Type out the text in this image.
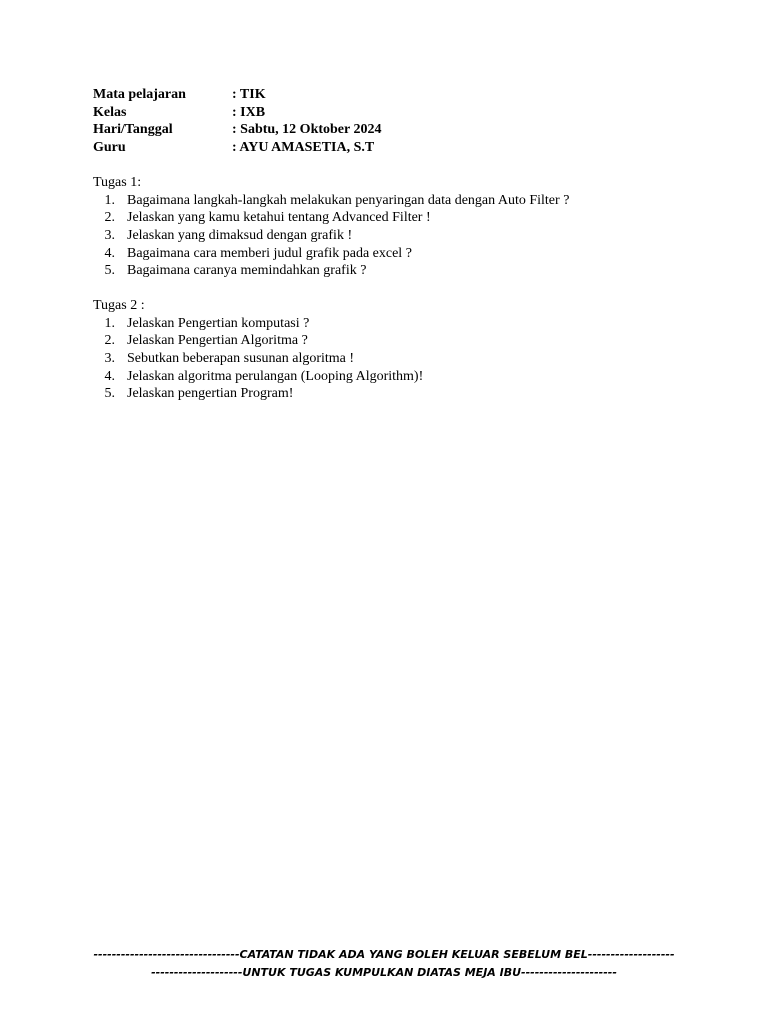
Mata pelajaran	: TIK
Kelas	: IXB
Hari/Tanggal	: Sabtu, 12 Oktober 2024
Guru	: AYU AMASETIA, S.T
Tugas 1:
1. Bagaimana langkah-langkah melakukan penyaringan data dengan Auto Filter ?
2. Jelaskan yang kamu ketahui tentang Advanced Filter !
3. Jelaskan yang dimaksud dengan grafik !
4. Bagaimana cara memberi judul grafik pada excel ?
5. Bagaimana caranya memindahkan grafik ?
Tugas 2 :
1. Jelaskan Pengertian komputasi ?
2. Jelaskan Pengertian Algoritma ?
3. Sebutkan beberapan susunan algoritma !
4. Jelaskan algoritma perulangan (Looping Algorithm)!
5. Jelaskan pengertian Program!
--------------------------------CATATAN TIDAK ADA YANG BOLEH KELUAR SEBELUM BEL-------------------
--------------------UNTUK TUGAS KUMPULKAN DIATAS MEJA IBU---------------------
